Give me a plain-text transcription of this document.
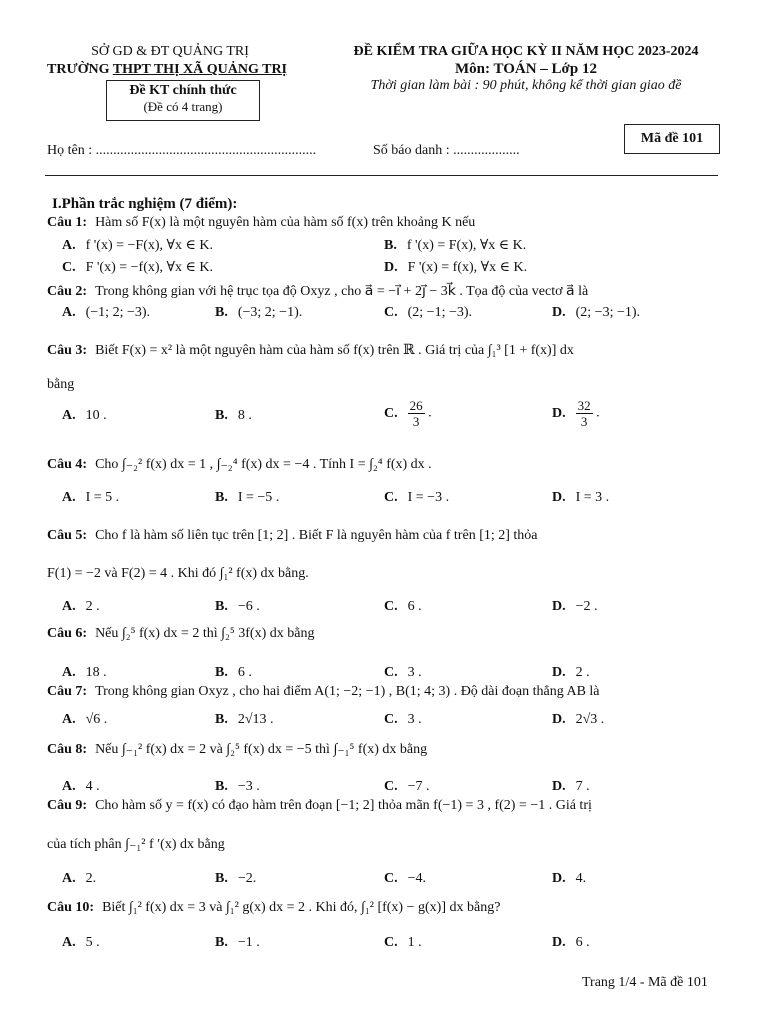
SỞ GD & ĐT QUẢNG TRỊ
TRƯỜNG THPT THỊ XÃ QUẢNG TRỊ
Đề KT chính thức
(Đề có 4 trang)
ĐỀ KIỂM TRA GIỮA HỌC KỲ II NĂM HỌC 2023-2024
Môn: TOÁN – Lớp 12
Thời gian làm bài : 90 phút, không kể thời gian giao đề
Mã đề 101
Họ tên : ...............................................................	Số báo danh : ...................
I.Phần trắc nghiệm (7 điểm):
Câu 1: Hàm số F(x) là một nguyên hàm của hàm số f(x) trên khoảng K nếu
A. f '(x) = −F(x), ∀x ∈ K.	B. f '(x) = F(x), ∀x ∈ K.
C. F '(x) = −f(x), ∀x ∈ K.	D. F '(x) = f(x), ∀x ∈ K.
Câu 2: Trong không gian với hệ trục tọa độ Oxyz , cho a⃗ = −i⃗ + 2j⃗ − 3k⃗ . Tọa độ của vectơ a⃗ là
A. (−1; 2; −3).	B. (−3; 2; −1).	C. (2; −1; −3).	D. (2; −3; −1).
Câu 3: Biết F(x) = x² là một nguyên hàm của hàm số f(x) trên ℝ . Giá trị của ∫₁³ [1 + f(x)] dx
bằng
A. 10 .	B. 8 .	C. $\frac{26}{3}$ .	D. $\frac{32}{3}$ .
Câu 4: Cho ∫₋₂² f(x) dx = 1 , ∫₋₂⁴ f(x) dx = −4 . Tính I = ∫₂⁴ f(x) dx .
A. I = 5 .	B. I = −5 .	C. I = −3 .	D. I = 3 .
Câu 5: Cho f là hàm số liên tục trên [1; 2] . Biết F là nguyên hàm của f trên [1; 2] thỏa
F(1) = −2 và F(2) = 4 . Khi đó ∫₁² f(x) dx bằng.
A. 2 .	B. −6 .	C. 6 .	D. −2 .
Câu 6: Nếu ∫₂⁵ f(x) dx = 2 thì ∫₂⁵ 3f(x) dx bằng
A. 18 .	B. 6 .	C. 3 .	D. 2 .
Câu 7: Trong không gian Oxyz , cho hai điểm A(1; −2; −1) , B(1; 4; 3) . Độ dài đoạn thẳng AB là
A. √6 .	B. 2√13 .	C. 3 .	D. 2√3 .
Câu 8: Nếu ∫₋₁² f(x) dx = 2 và ∫₂⁵ f(x) dx = −5 thì ∫₋₁⁵ f(x) dx bằng
A. 4 .	B. −3 .	C. −7 .	D. 7 .
Câu 9: Cho hàm số y = f(x) có đạo hàm trên đoạn [−1; 2] thỏa mãn f(−1) = 3 , f(2) = −1 . Giá trị
của tích phân ∫₋₁² f ′(x) dx bằng
A. 2.	B. −2.	C. −4.	D. 4.
Câu 10: Biết ∫₁² f(x) dx = 3 và ∫₁² g(x) dx = 2 . Khi đó, ∫₁² [f(x) − g(x)] dx bằng?
A. 5 .	B. −1 .	C. 1 .	D. 6 .
Trang 1/4 - Mã đề 101
